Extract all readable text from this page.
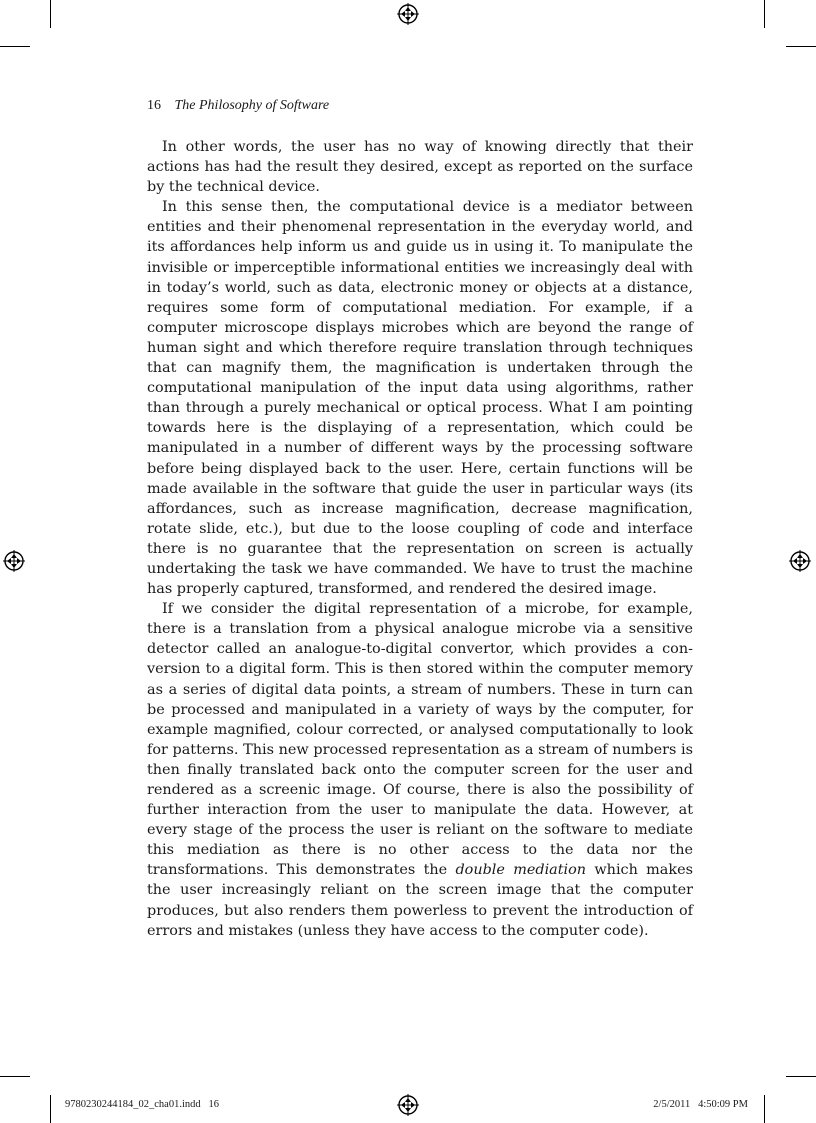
16 The Philosophy of Software

In other words, the user has no way of knowing directly that their actions has had the result they desired, except as reported on the surface by the technical device.

In this sense then, the computational device is a mediator between entities and their phenomenal representation in the everyday world, and its affordances help inform us and guide us in using it. To manipulate the invisible or imperceptible informational entities we increasingly deal with in today’s world, such as data, electronic money or objects at a distance, requires some form of computational mediation. For example, if a computer microscope displays microbes which are beyond the range of human sight and which therefore require translation through techniques that can magnify them, the magnification is undertaken through the computational manipulation of the input data using algorithms, rather than through a purely mechanical or optical process. What I am pointing towards here is the displaying of a representation, which could be manipulated in a number of different ways by the processing software before being displayed back to the user. Here, certain functions will be made available in the software that guide the user in particular ways (its affordances, such as increase magnification, decrease magnification, rotate slide, etc.), but due to the loose coupling of code and interface there is no guarantee that the representation on screen is actually undertaking the task we have commanded. We have to trust the machine has properly captured, transformed, and rendered the desired image.

If we consider the digital representation of a microbe, for example, there is a translation from a physical analogue microbe via a sensitive detector called an analogue-to-digital convertor, which provides a conversion to a digital form. This is then stored within the computer memory as a series of digital data points, a stream of numbers. These in turn can be processed and manipulated in a variety of ways by the computer, for example magnified, colour corrected, or analysed computationally to look for patterns. This new processed representation as a stream of numbers is then finally translated back onto the computer screen for the user and rendered as a screenic image. Of course, there is also the possibility of further interaction from the user to manipulate the data. However, at every stage of the process the user is reliant on the software to mediate this mediation as there is no other access to the data nor the transformations. This demonstrates the double mediation which makes the user increasingly reliant on the screen image that the computer produces, but also renders them powerless to prevent the introduction of errors and mistakes (unless they have access to the computer code).

9780230244184_02_cha01.indd   16	2/5/2011   4:50:09 PM
